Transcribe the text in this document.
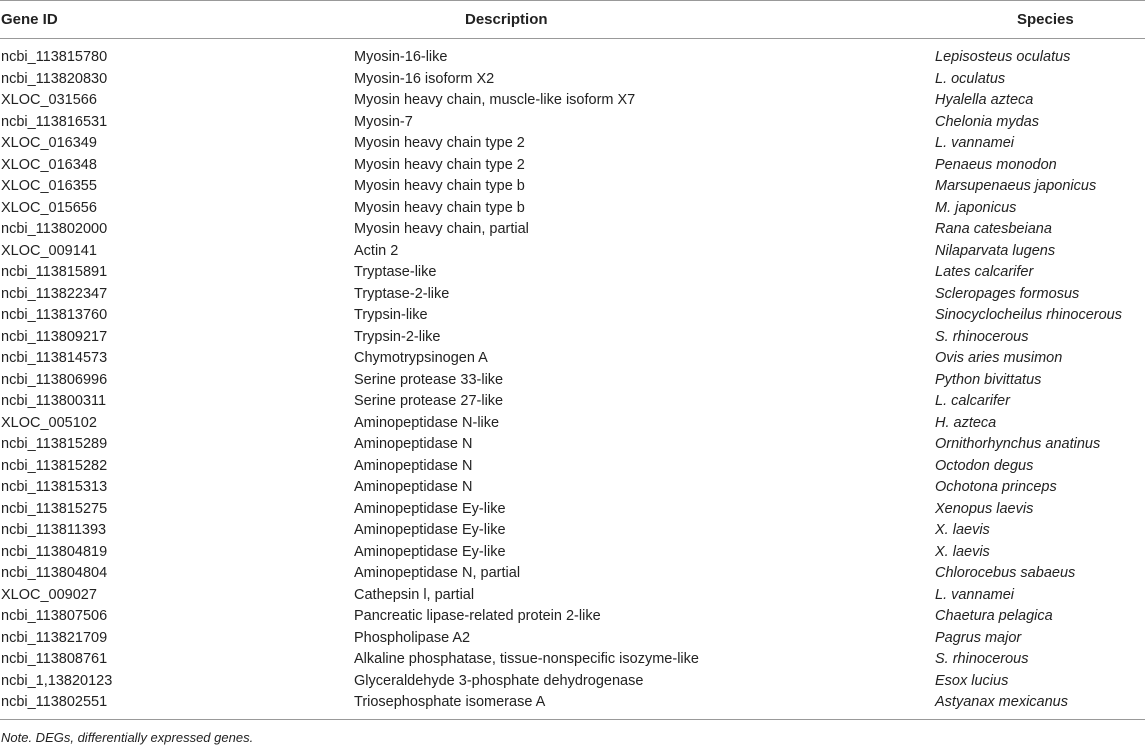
Gene ID	Description	Species
ncbi_113815780	Myosin-16-like	Lepisosteus oculatus
ncbi_113820830	Myosin-16 isoform X2	L. oculatus
XLOC_031566	Myosin heavy chain, muscle-like isoform X7	Hyalella azteca
ncbi_113816531	Myosin-7	Chelonia mydas
XLOC_016349	Myosin heavy chain type 2	L. vannamei
XLOC_016348	Myosin heavy chain type 2	Penaeus monodon
XLOC_016355	Myosin heavy chain type b	Marsupenaeus japonicus
XLOC_015656	Myosin heavy chain type b	M. japonicus
ncbi_113802000	Myosin heavy chain, partial	Rana catesbeiana
XLOC_009141	Actin 2	Nilaparvata lugens
ncbi_113815891	Tryptase-like	Lates calcarifer
ncbi_113822347	Tryptase-2-like	Scleropages formosus
ncbi_113813760	Trypsin-like	Sinocyclocheilus rhinocerous
ncbi_113809217	Trypsin-2-like	S. rhinocerous
ncbi_113814573	Chymotrypsinogen A	Ovis aries musimon
ncbi_113806996	Serine protease 33-like	Python bivittatus
ncbi_113800311	Serine protease 27-like	L. calcarifer
XLOC_005102	Aminopeptidase N-like	H. azteca
ncbi_113815289	Aminopeptidase N	Ornithorhynchus anatinus
ncbi_113815282	Aminopeptidase N	Octodon degus
ncbi_113815313	Aminopeptidase N	Ochotona princeps
ncbi_113815275	Aminopeptidase Ey-like	Xenopus laevis
ncbi_113811393	Aminopeptidase Ey-like	X. laevis
ncbi_113804819	Aminopeptidase Ey-like	X. laevis
ncbi_113804804	Aminopeptidase N, partial	Chlorocebus sabaeus
XLOC_009027	Cathepsin l, partial	L. vannamei
ncbi_113807506	Pancreatic lipase-related protein 2-like	Chaetura pelagica
ncbi_113821709	Phospholipase A2	Pagrus major
ncbi_113808761	Alkaline phosphatase, tissue-nonspecific isozyme-like	S. rhinocerous
ncbi_1,13820123	Glyceraldehyde 3-phosphate dehydrogenase	Esox lucius
ncbi_113802551	Triosephosphate isomerase A	Astyanax mexicanus
Note. DEGs, differentially expressed genes.
